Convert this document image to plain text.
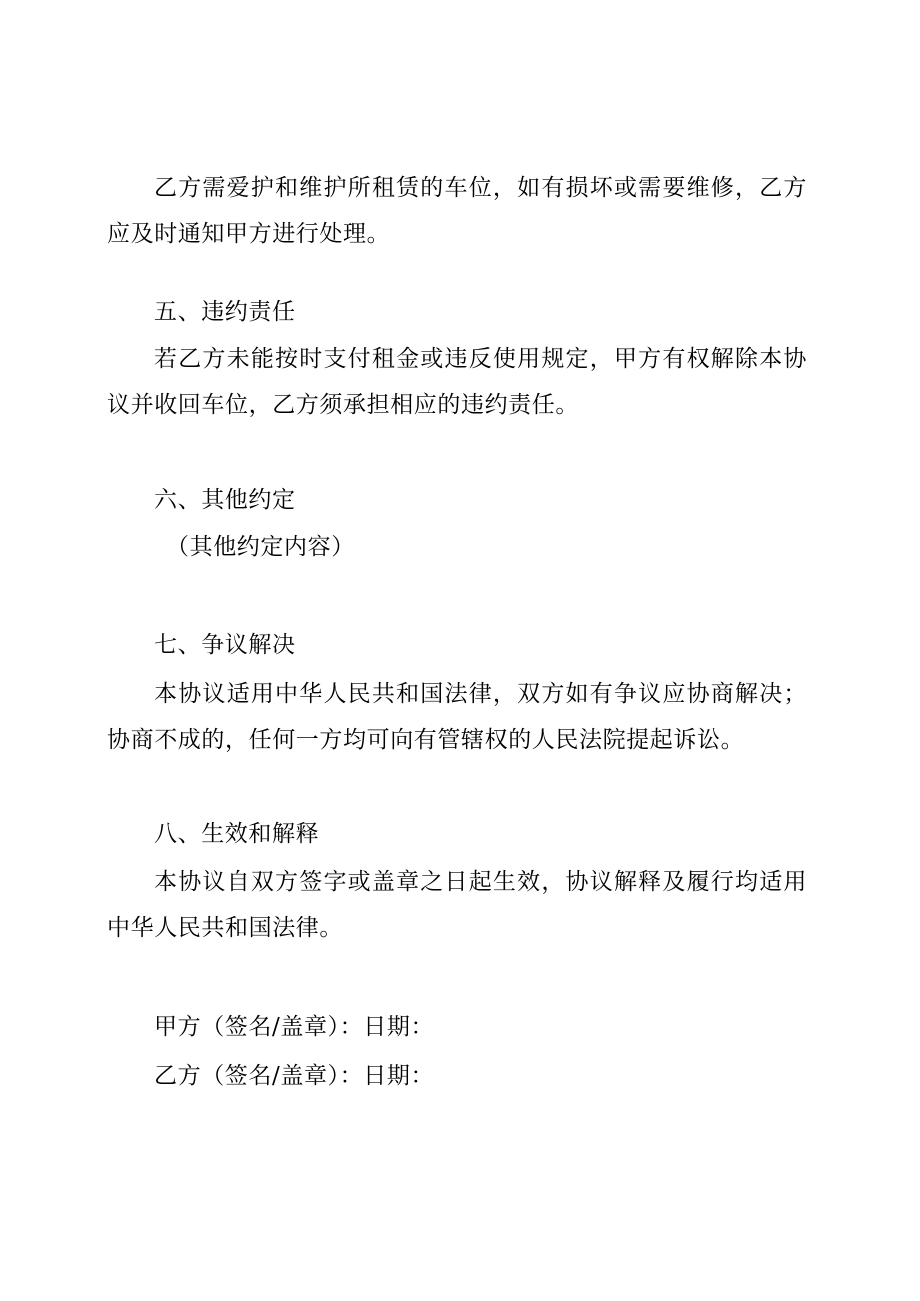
乙方需爱护和维护所租赁的车位，如有损坏或需要维修，乙方应及时通知甲方进行处理。

五、违约责任

若乙方未能按时支付租金或违反使用规定，甲方有权解除本协议并收回车位，乙方须承担相应的违约责任。

六、其他约定

（其他约定内容）

七、争议解决

本协议适用中华人民共和国法律，双方如有争议应协商解决；协商不成的，任何一方均可向有管辖权的人民法院提起诉讼。

八、生效和解释

本协议自双方签字或盖章之日起生效，协议解释及履行均适用中华人民共和国法律。

甲方（签名/盖章）：日期：

乙方（签名/盖章）：日期：
